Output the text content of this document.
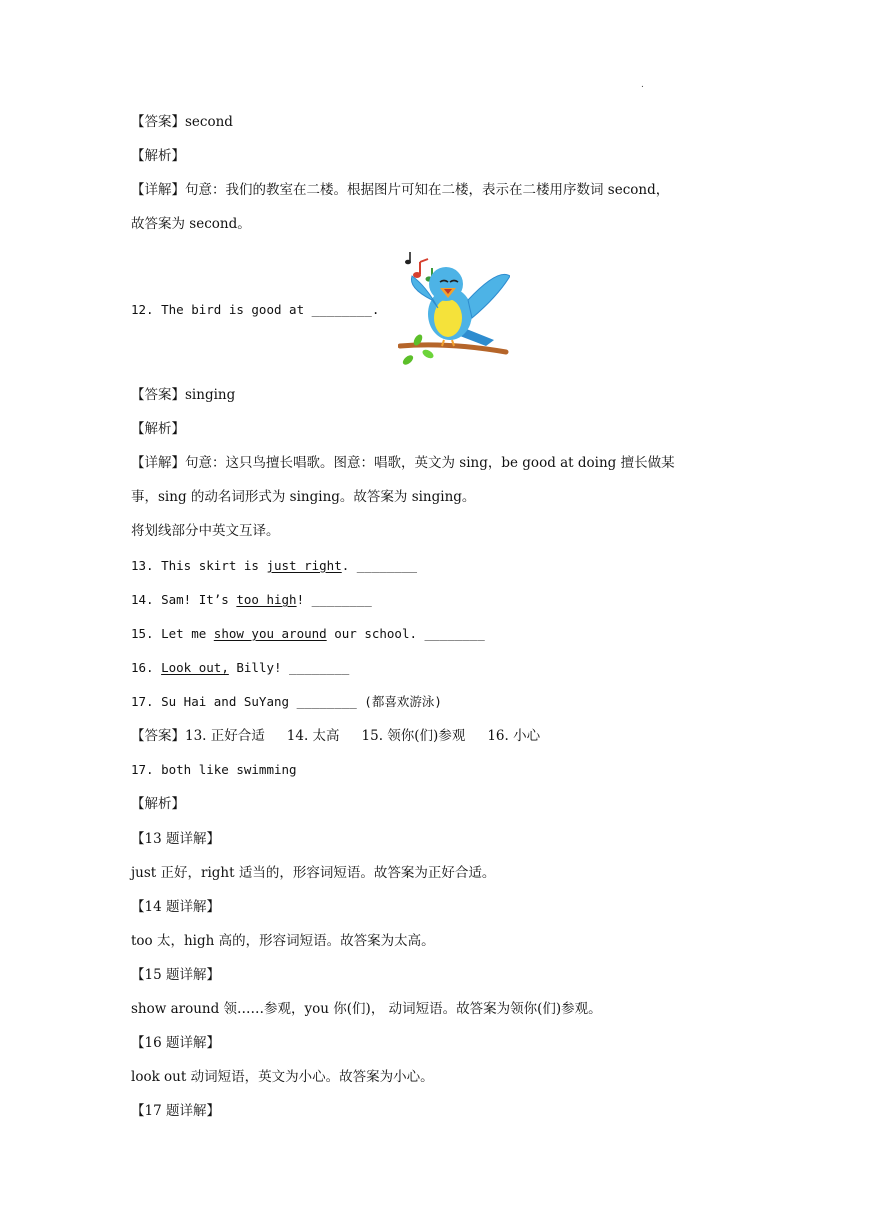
.
【答案】second
【解析】
【详解】句意：我们的教室在二楼。根据图片可知在二楼，表示在二楼用序数词 second，
故答案为 second。
12. The bird is good at ________.
【答案】singing
【解析】
【详解】句意：这只鸟擅长唱歌。图意：唱歌，英文为 sing，be good at doing 擅长做某
事，sing 的动名词形式为 singing。故答案为 singing。
将划线部分中英文互译。
13. This skirt is just right. ________
14. Sam! It’s too high! ________
15. Let me show you around our school. ________
16. Look out, Billy! ________
17. Su Hai and SuYang ________ (都喜欢游泳)
【答案】13. 正好合适 14. 太高 15. 领你(们)参观 16. 小心
17. both like swimming
【解析】
【13 题详解】
just 正好，right 适当的，形容词短语。故答案为正好合适。
【14 题详解】
too 太，high 高的，形容词短语。故答案为太高。
【15 题详解】
show around 领……参观，you 你(们)， 动词短语。故答案为领你(们)参观。
【16 题详解】
look out 动词短语，英文为小心。故答案为小心。
【17 题详解】
